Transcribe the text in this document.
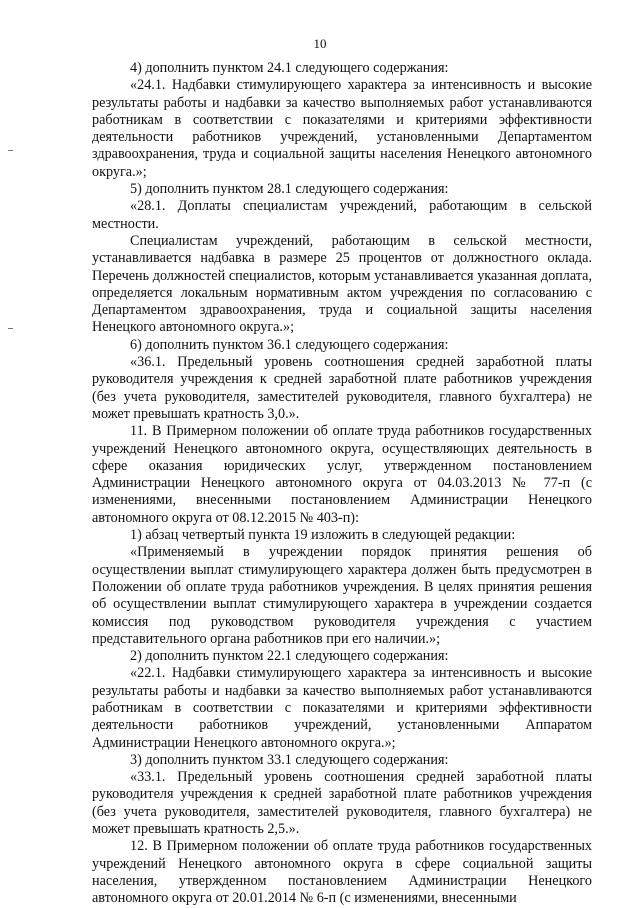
10

4) дополнить пунктом 24.1 следующего содержания:

«24.1. Надбавки стимулирующего характера за интенсивность и высокие результаты работы и надбавки за качество выполняемых работ устанавливаются работникам в соответствии с показателями и критериями эффективности деятельности работников учреждений, установленными Департаментом здравоохранения, труда и социальной защиты населения Ненецкого автономного округа.»;

5) дополнить пунктом 28.1 следующего содержания:

«28.1. Доплаты специалистам учреждений, работающим в сельской местности.

Специалистам учреждений, работающим в сельской местности, устанавливается надбавка в размере 25 процентов от должностного оклада. Перечень должностей специалистов, которым устанавливается указанная доплата, определяется локальным нормативным актом учреждения по согласованию с Департаментом здравоохранения, труда и социальной защиты населения Ненецкого автономного округа.»;

6) дополнить пунктом 36.1 следующего содержания:

«36.1. Предельный уровень соотношения средней заработной платы руководителя учреждения к средней заработной плате работников учреждения (без учета руководителя, заместителей руководителя, главного бухгалтера) не может превышать кратность 3,0.».

11. В Примерном положении об оплате труда работников государственных учреждений Ненецкого автономного округа, осуществляющих деятельность в сфере оказания юридических услуг, утвержденном постановлением Администрации Ненецкого автономного округа от 04.03.2013 № 77-п (с изменениями, внесенными постановлением Администрации Ненецкого автономного округа от 08.12.2015 № 403-п):

1) абзац четвертый пункта 19 изложить в следующей редакции:

«Применяемый в учреждении порядок принятия решения об осуществлении выплат стимулирующего характера должен быть предусмотрен в Положении об оплате труда работников учреждения. В целях принятия решения об осуществлении выплат стимулирующего характера в учреждении создается комиссия под руководством руководителя учреждения с участием представительного органа работников при его наличии.»;

2) дополнить пунктом 22.1 следующего содержания:

«22.1. Надбавки стимулирующего характера за интенсивность и высокие результаты работы и надбавки за качество выполняемых работ устанавливаются работникам в соответствии с показателями и критериями эффективности деятельности работников учреждений, установленными Аппаратом Администрации Ненецкого автономного округа.»;

3) дополнить пунктом 33.1 следующего содержания:

«33.1. Предельный уровень соотношения средней заработной платы руководителя учреждения к средней заработной плате работников учреждения (без учета руководителя, заместителей руководителя, главного бухгалтера) не может превышать кратность 2,5.».

12. В Примерном положении об оплате труда работников государственных учреждений Ненецкого автономного округа в сфере социальной защиты населения, утвержденном постановлением Администрации Ненецкого автономного округа от 20.01.2014 № 6-п (с изменениями, внесенными
